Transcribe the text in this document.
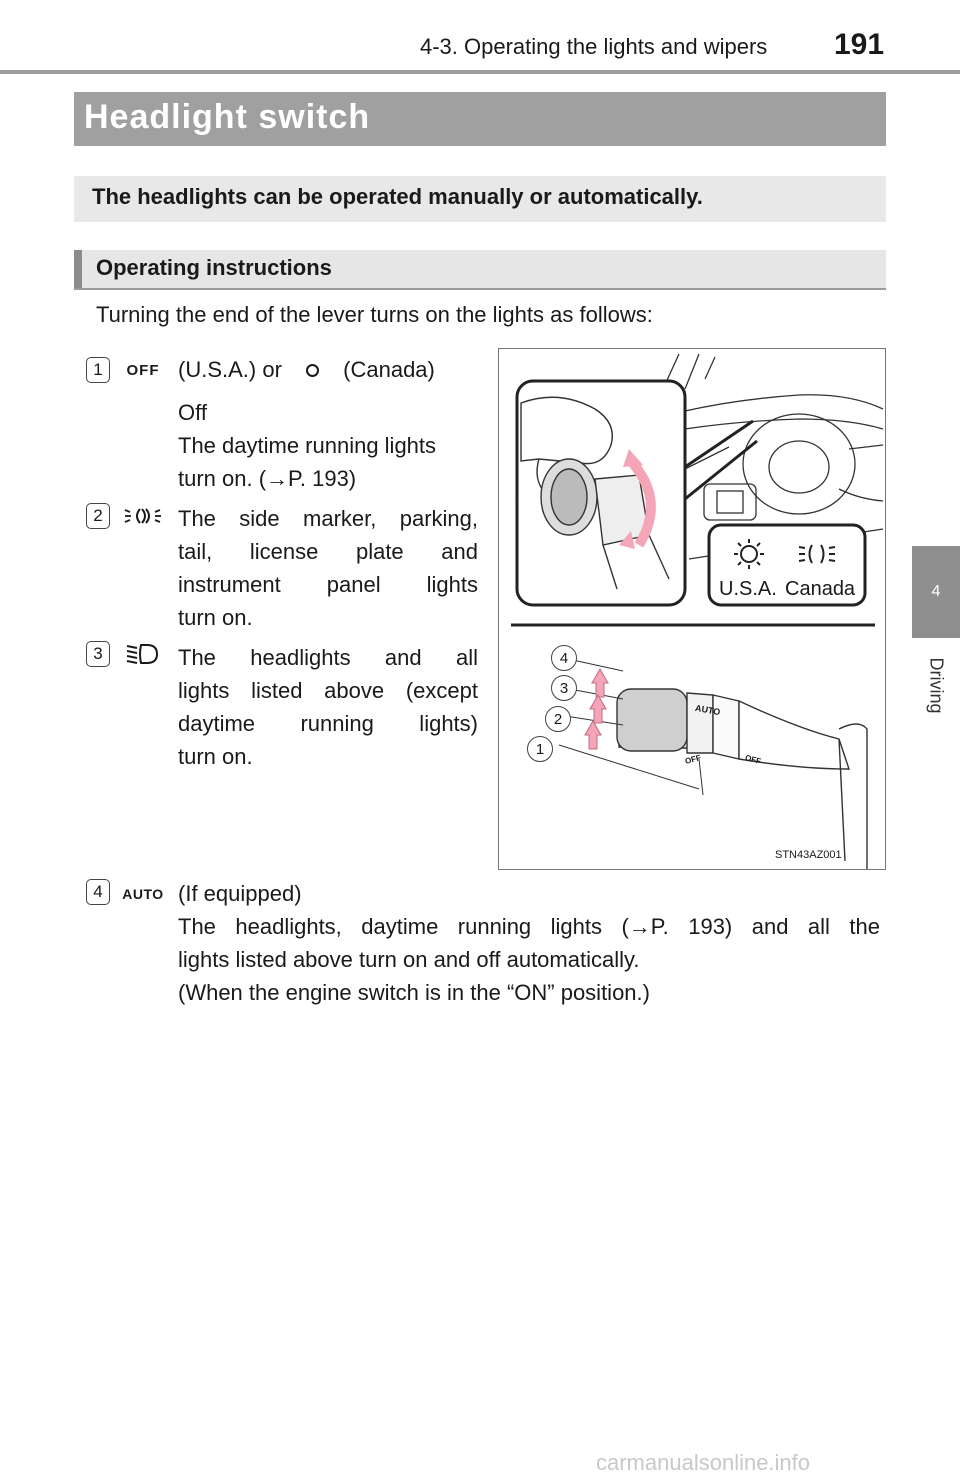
4-3. Operating the lights and wipers 191
Headlight switch
The headlights can be operated manually or automatically.
Operating instructions
Turning the end of the lever turns on the lights as follows:
1	OFF (U.S.A.) or	(Canada)
Off
The daytime running lights
turn on. (→P. 193)
2	The side marker, parking,
tail, license plate and
instrument panel lights
turn on.
3	The headlights and all
lights listed above (except
daytime running lights)
turn on.
4	AUTO (If equipped)
The headlights, daytime running lights (→P. 193) and all the
lights listed above turn on and off automatically.
(When the engine switch is in the “ON” position.)
U.S.A. Canada
4
3
2
1
AUTO
OFF	OFF
STN43AZ001
4
Driving
carmanualsonline.info
